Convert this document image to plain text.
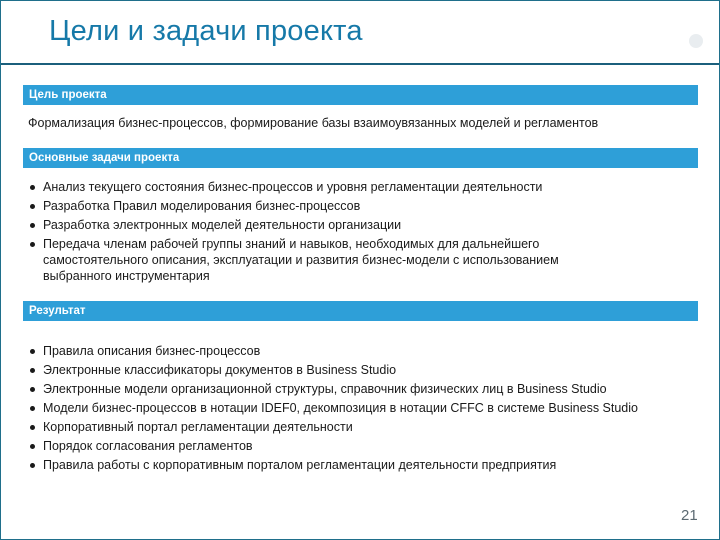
Цели и задачи проекта
Цель проекта
Формализация бизнес-процессов, формирование базы взаимоувязанных моделей и регламентов
Основные задачи проекта
Анализ текущего состояния бизнес-процессов и уровня регламентации деятельности
Разработка Правил моделирования бизнес-процессов
Разработка электронных моделей деятельности организации
Передача членам рабочей группы знаний и навыков, необходимых для дальнейшего самостоятельного описания, эксплуатации и развития бизнес-модели с использованием выбранного инструментария
Результат
Правила описания бизнес-процессов
Электронные классификаторы документов в Business Studio
Электронные модели организационной структуры, справочник физических лиц в Business Studio
Модели бизнес-процессов в нотации IDEF0, декомпозиция в нотации CFFC в системе Business Studio
Корпоративный портал регламентации деятельности
Порядок согласования регламентов
Правила работы с корпоративным порталом регламентации деятельности предприятия
21
